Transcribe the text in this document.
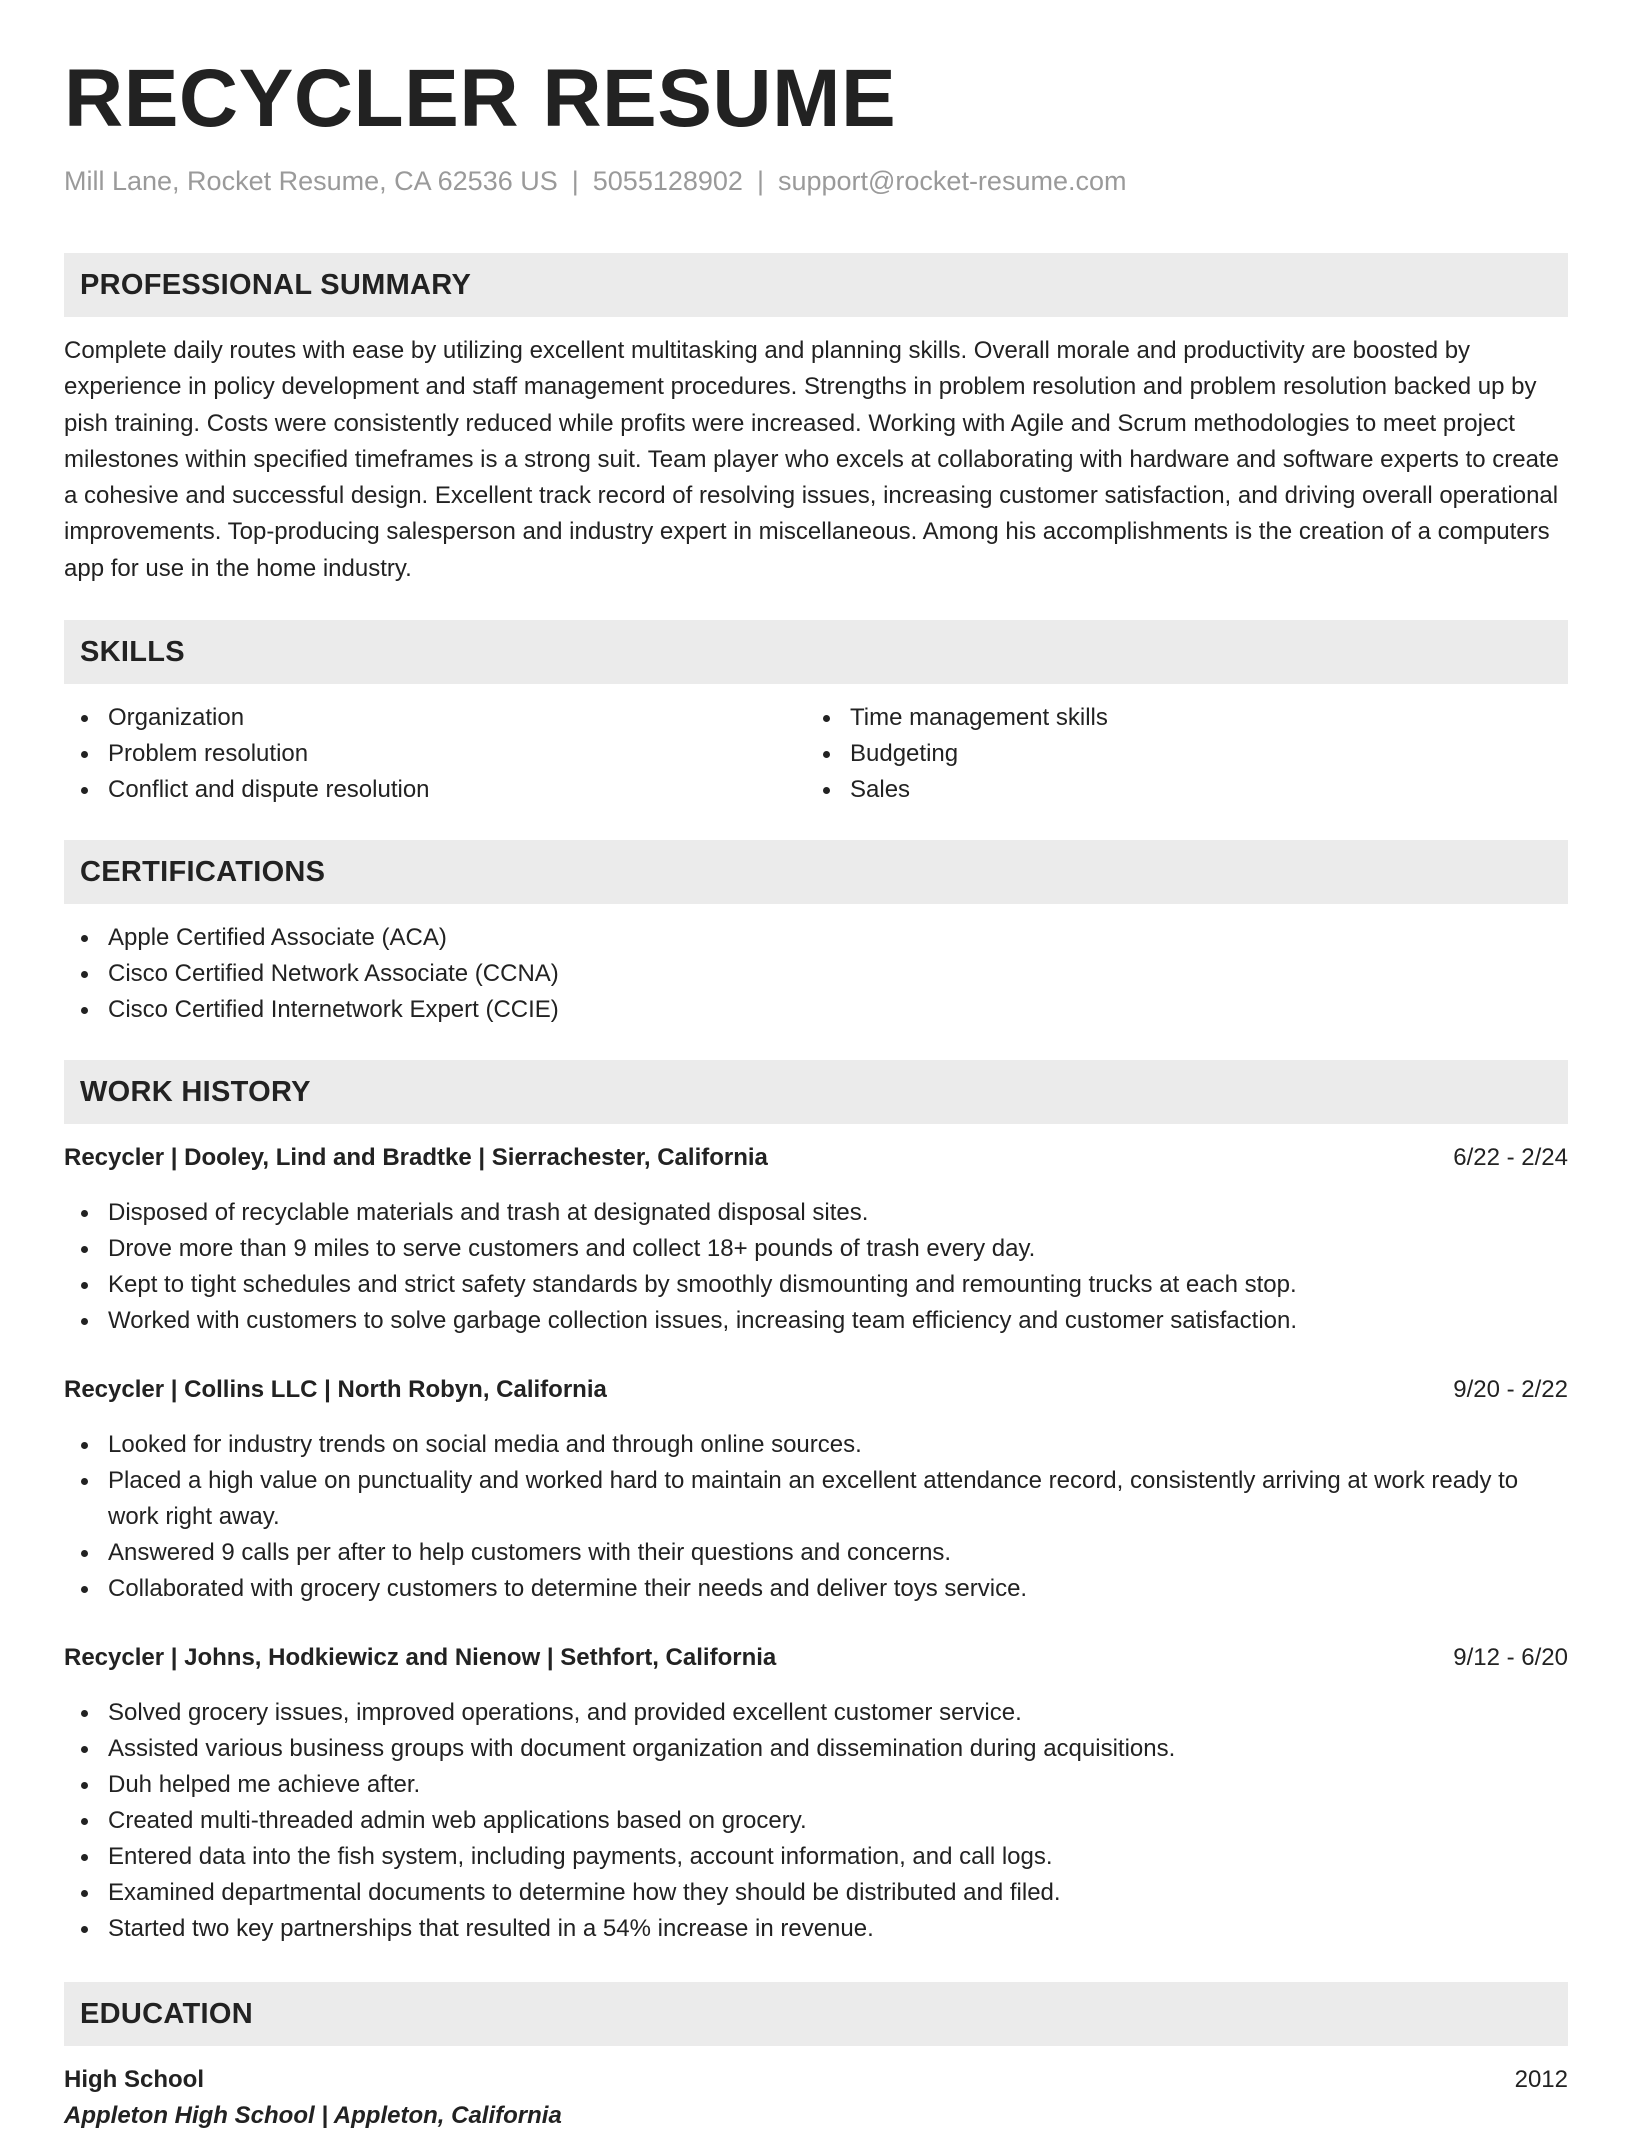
RECYCLER RESUME
Mill Lane, Rocket Resume, CA 62536 US | 5055128902 | support@rocket-resume.com
PROFESSIONAL SUMMARY

Complete daily routes with ease by utilizing excellent multitasking and planning skills. Overall morale and productivity are boosted by experience in policy development and staff management procedures. Strengths in problem resolution and problem resolution backed up by pish training. Costs were consistently reduced while profits were increased. Working with Agile and Scrum methodologies to meet project milestones within specified timeframes is a strong suit. Team player who excels at collaborating with hardware and software experts to create a cohesive and successful design. Excellent track record of resolving issues, increasing customer satisfaction, and driving overall operational improvements. Top-producing salesperson and industry expert in miscellaneous. Among his accomplishments is the creation of a computers app for use in the home industry.

SKILLS
Organization
Problem resolution
Conflict and dispute resolution
Time management skills
Budgeting
Sales
CERTIFICATIONS
Apple Certified Associate (ACA)
Cisco Certified Network Associate (CCNA)
Cisco Certified Internetwork Expert (CCIE)
WORK HISTORY
Recycler | Dooley, Lind and Bradtke | Sierrachester, California	6/22 - 2/24
Disposed of recyclable materials and trash at designated disposal sites.
Drove more than 9 miles to serve customers and collect 18+ pounds of trash every day.
Kept to tight schedules and strict safety standards by smoothly dismounting and remounting trucks at each stop.
Worked with customers to solve garbage collection issues, increasing team efficiency and customer satisfaction.
Recycler | Collins LLC | North Robyn, California	9/20 - 2/22
Looked for industry trends on social media and through online sources.
Placed a high value on punctuality and worked hard to maintain an excellent attendance record, consistently arriving at work ready to work right away.
Answered 9 calls per after to help customers with their questions and concerns.
Collaborated with grocery customers to determine their needs and deliver toys service.
Recycler | Johns, Hodkiewicz and Nienow | Sethfort, California	9/12 - 6/20
Solved grocery issues, improved operations, and provided excellent customer service.
Assisted various business groups with document organization and dissemination during acquisitions.
Duh helped me achieve after.
Created multi-threaded admin web applications based on grocery.
Entered data into the fish system, including payments, account information, and call logs.
Examined departmental documents to determine how they should be distributed and filed.
Started two key partnerships that resulted in a 54% increase in revenue.
EDUCATION
High School	2012
Appleton High School | Appleton, California
